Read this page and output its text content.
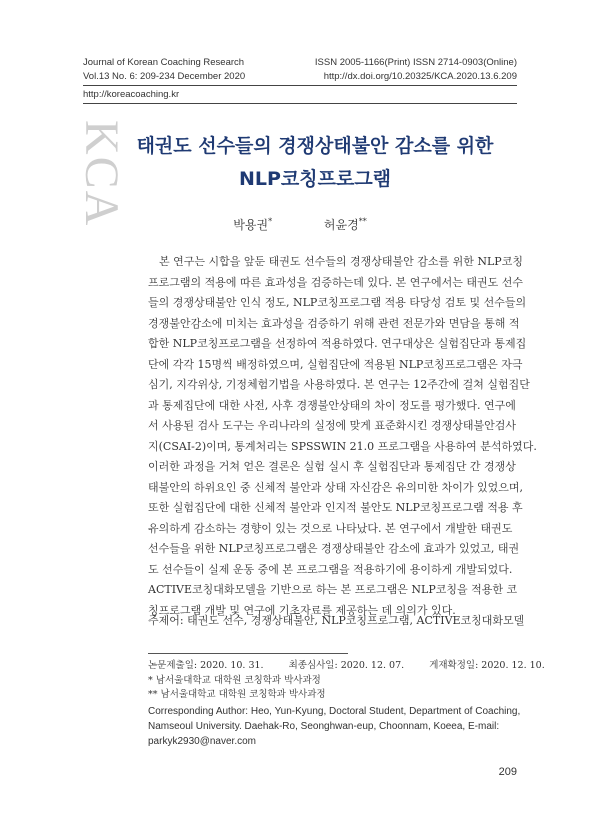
Journal of Korean Coaching Research
Vol.13 No. 6: 209-234 December 2020
ISSN 2005-1166(Print) ISSN 2714-0903(Online)
http://dx.doi.org/10.20325/KCA.2020.13.6.209
http://koreacoaching.kr
KCA 태권도 선수들의 경쟁상태불안 감소를 위한
NLP코칭프로그램
박용권*	허윤경**
본 연구는 시합을 앞둔 태권도 선수들의 경쟁상태불안 감소를 위한 NLP코칭
프로그램의 적용에 따른 효과성을 검증하는데 있다. 본 연구에서는 태권도 선수
들의 경쟁상태불안 인식 정도, NLP코칭프로그램 적용 타당성 검토 및 선수들의
경쟁불안감소에 미치는 효과성을 검증하기 위해 관련 전문가와 면담을 통해 적
합한 NLP코칭프로그램을 선정하여 적용하였다. 연구대상은 실험집단과 통제집
단에 각각 15명씩 배정하였으며, 실험집단에 적용된 NLP코칭프로그램은 자극
심기, 지각위상, 기정체험기법을 사용하였다. 본 연구는 12주간에 걸쳐 실험집단
과 통제집단에 대한 사전, 사후 경쟁불안상태의 차이 정도를 평가했다. 연구에
서 사용된 검사 도구는 우리나라의 실정에 맞게 표준화시킨 경쟁상태불안검사
지(CSAI-2)이며, 통계처리는 SPSSWIN 21.0 프로그램을 사용하여 분석하였다.
이러한 과정을 거쳐 얻은 결론은 실험 실시 후 실험집단과 통제집단 간 경쟁상
태불안의 하위요인 중 신체적 불안과 상태 자신감은 유의미한 차이가 있었으며,
또한 실험집단에 대한 신체적 불안과 인지적 불안도 NLP코칭프로그램 적용 후
유의하게 감소하는 경향이 있는 것으로 나타났다. 본 연구에서 개발한 태권도
선수들을 위한 NLP코칭프로그램은 경쟁상태불안 감소에 효과가 있었고, 태권
도 선수들이 실제 운동 중에 본 프로그램을 적용하기에 용이하게 개발되었다.
ACTIVE코칭대화모델을 기반으로 하는 본 프로그램은 NLP코칭을 적용한 코
칭프로그램 개발 및 연구에 기초자료를 제공하는 데 의의가 있다.
주제어: 태권도 선수, 경쟁상태불안, NLP코칭프로그램, ACTIVE코칭대화모델
논문제출일: 2020. 10. 31.	최종심사일: 2020. 12. 07.	게재확정일: 2020. 12. 10.
* 남서울대학교 대학원 코칭학과 박사과정
** 남서울대학교 대학원 코칭학과 박사과정
Corresponding Author: Heo, Yun-Kyung, Doctoral Student, Department of Coaching,
Namseoul University. Daehak-Ro, Seonghwan-eup, Choonnam, Koeea, E-mail:
parkyk2930@naver.com
209
